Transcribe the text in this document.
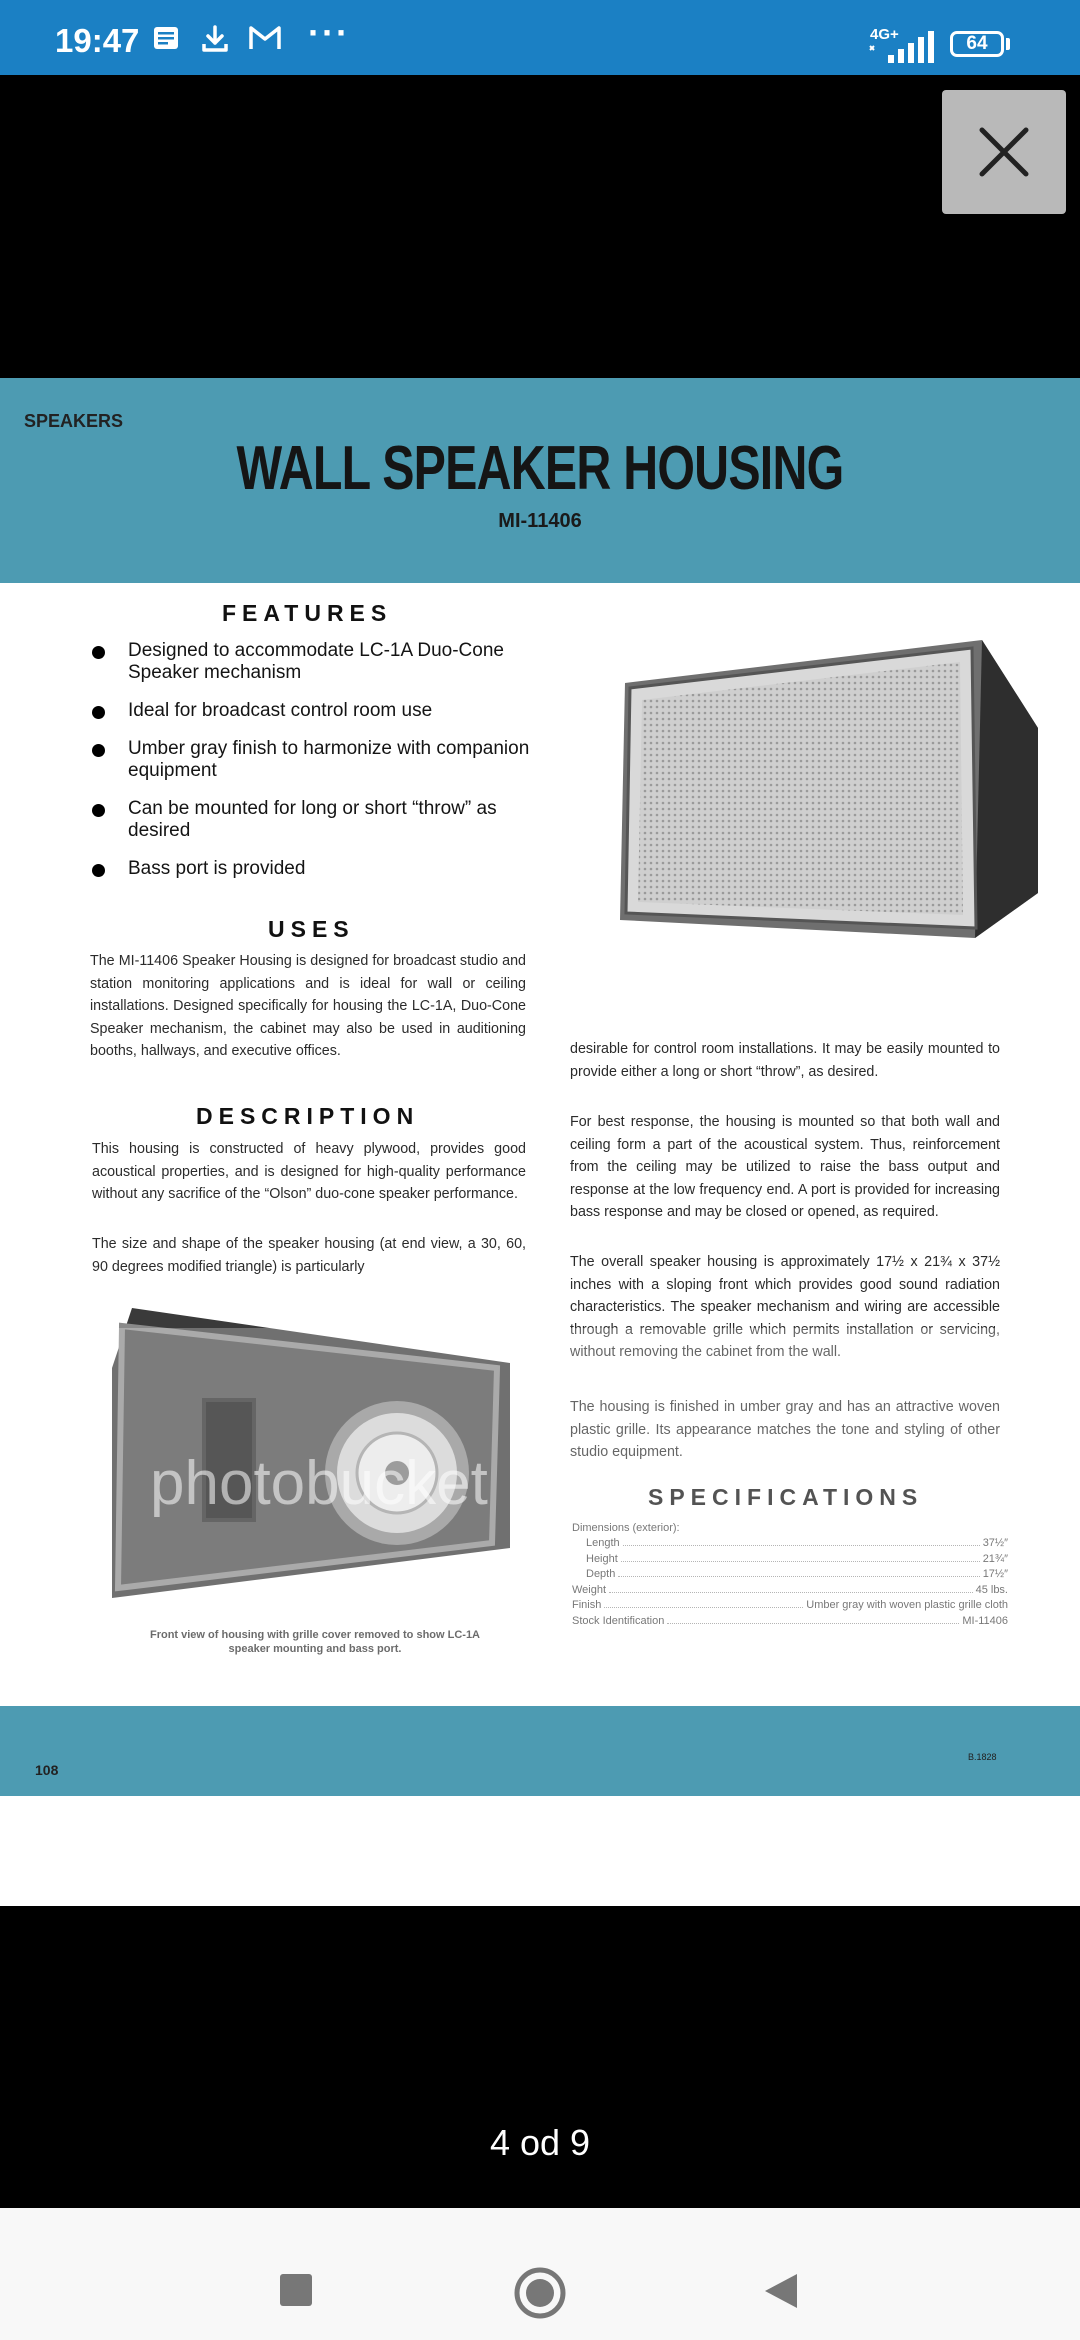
19:47	···	4G+	64
SPEAKERS
WALL SPEAKER HOUSING
MI-11406
FEATURES
Designed to accommodate LC-1A Duo-Cone Speaker mechanism
Ideal for broadcast control room use
Umber gray finish to harmonize with companion equipment
Can be mounted for long or short “throw” as desired
Bass port is provided
USES

The MI-11406 Speaker Housing is designed for broadcast studio and station monitoring applications and is ideal for wall or ceiling installations. Designed specifically for housing the LC-1A, Duo-Cone Speaker mechanism, the cabinet may also be used in auditioning booths, hallways, and executive offices.

DESCRIPTION

This housing is constructed of heavy plywood, provides good acoustical properties, and is designed for high-quality performance without any sacrifice of the “Olson” duo-cone speaker performance.

The size and shape of the speaker housing (at end view, a 30, 60, 90 degrees modified triangle) is particularly

desirable for control room installations. It may be easily mounted to provide either a long or short “throw”, as desired.

For best response, the housing is mounted so that both wall and ceiling form a part of the acoustical system. Thus, reinforcement from the ceiling may be utilized to raise the bass output and response at the low frequency end. A port is provided for increasing bass response and may be closed or opened, as required.

The overall speaker housing is approximately 17½ x 21¾ x 37½ inches with a sloping front which provides good sound radiation characteristics. The speaker mechanism and wiring are accessible through a removable grille which permits installation or servicing, without removing the cabinet from the wall.

The housing is finished in umber gray and has an attractive woven plastic grille. Its appearance matches the tone and styling of other studio equipment.

Front view of housing with grille cover removed to show LC-1A speaker mounting and bass port.
SPECIFICATIONS
Dimensions (exterior):
Length	37½″
Height	21¾″
Depth	17½″
Weight	45 lbs.
Finish	Umber gray with woven plastic grille cloth
Stock Identification	MI-11406
photobucket
108
B.1828
4 od 9
